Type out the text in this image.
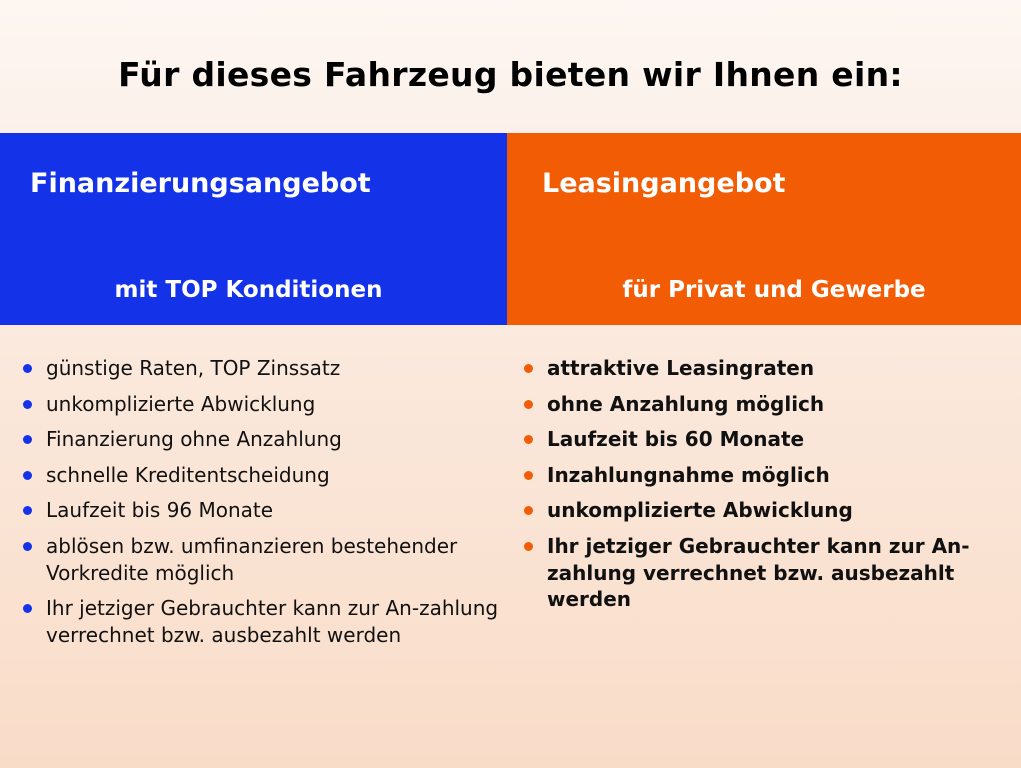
Für dieses Fahrzeug bieten wir Ihnen ein:
Finanzierungsangebot
mit TOP Konditionen
Leasingangebot
für Privat und Gewerbe
günstige Raten, TOP Zinssatz
unkomplizierte Abwicklung
Finanzierung ohne Anzahlung
schnelle Kreditentscheidung
Laufzeit bis 96 Monate
ablösen bzw. umfinanzieren bestehender Vorkredite möglich
Ihr jetziger Gebrauchter kann zur An-zahlung verrechnet bzw. ausbezahlt werden
attraktive Leasingraten
ohne Anzahlung möglich
Laufzeit bis 60 Monate
Inzahlungnahme möglich
unkomplizierte Abwicklung
Ihr jetziger Gebrauchter kann zur An-zahlung verrechnet bzw. ausbezahlt werden
